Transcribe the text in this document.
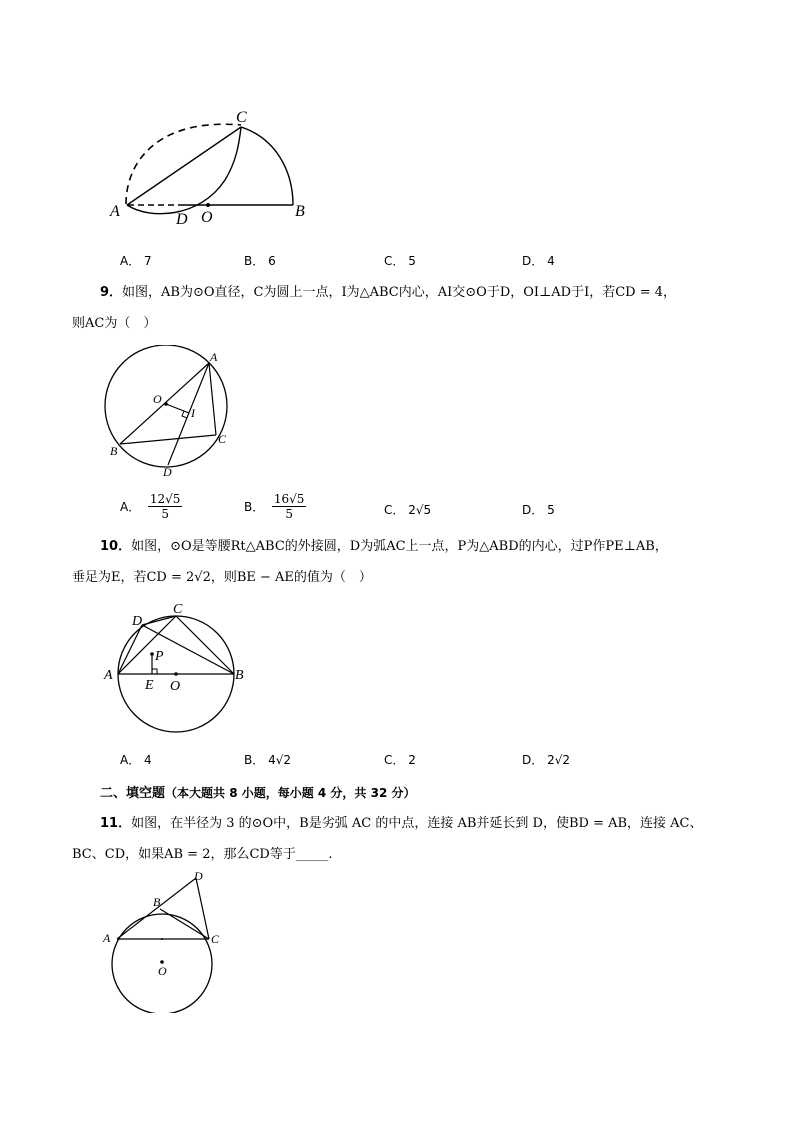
A	B
C
D O
A． 7	B． 6	C． 5	D． 4
9．如图，AB为⊙O直径，C为圆上一点，I为△ABC内心，AI交⊙O于D，OI⊥AD于I，若CD = 4，
则AC为（　）
A
B
C
D
O
I
A．
$\frac{12√5}{5}$	B．
$\frac{16√5}{5}$	C． 2√5	D． 5
10．如图，⊙O是等腰Rt△ABC的外接圆，D为弧AC上一点，P为△ABD的内心，过P作PE⊥AB，
垂足为E，若CD = 2√2，则BE − AE的值为（　）
A	B
C
D
O
P
E
A． 4	B． 4√2	C． 2	D． 2√2
二、填空题（本大题共 8 小题，每小题 4 分，共 32 分）
11．如图，在半径为 3 的⊙O中，B是劣弧 AC 的中点，连接 AB并延长到 D，使BD = AB，连接 AC、
BC、CD，如果AB = 2，那么CD等于_____.
A
B
C
D
O
